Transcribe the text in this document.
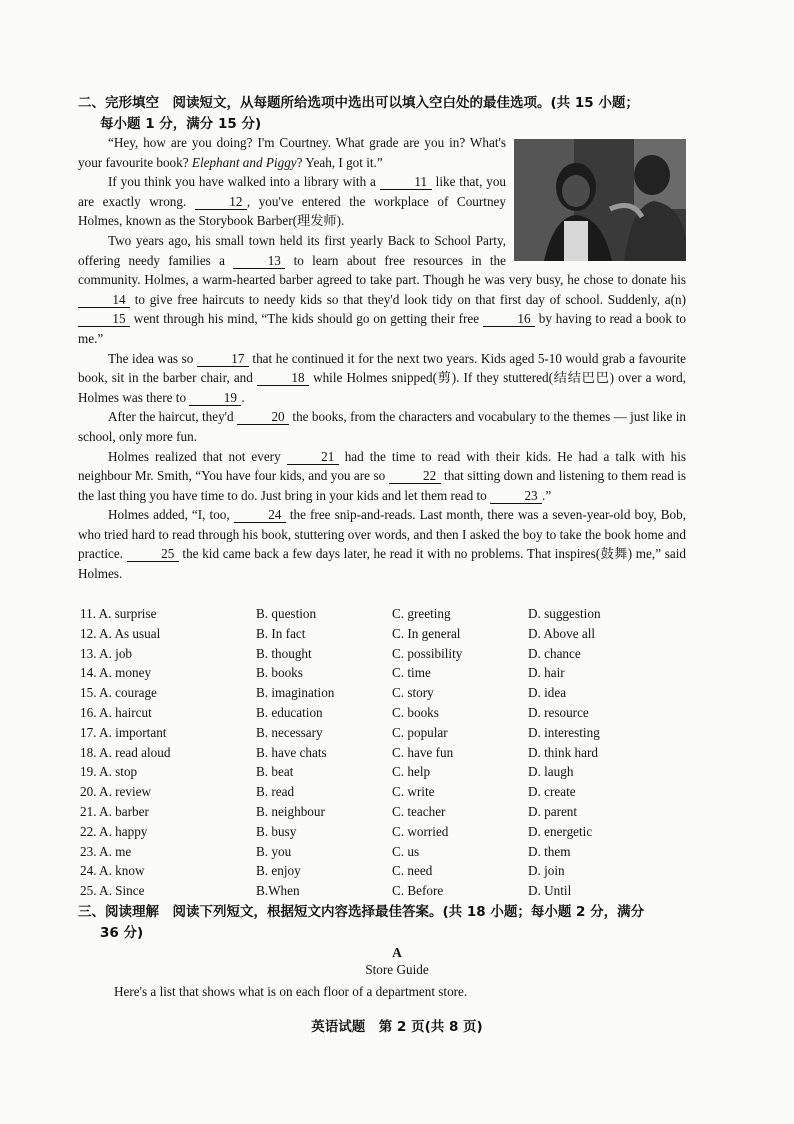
二、完形填空　阅读短文，从每题所给选项中选出可以填入空白处的最佳选项。(共 15 小题；
每小题 1 分，满分 15 分)

“Hey, how are you doing? I'm Courtney. What grade are you in? What's your favourite book? Elephant and Piggy? Yeah, I got it.”

If you think you have walked into a library with a	11 like that, you are exactly wrong.	12 , you've entered the workplace of Courtney Holmes, known as the Storybook Barber(理发师).

Two years ago, his small town held its first yearly Back to School Party, offering needy families a	13 to learn about free resources in the community. Holmes, a warm-hearted barber agreed to take part. Though he was very busy, he chose to donate his 14 to give free haircuts to needy kids so that they'd look tidy on that first day of school. Suddenly, a(n) 15 went through his mind, “The kids should go on getting their free	16 by having to read a book to me.”

The idea was so	17 that he continued it for the next two years. Kids aged 5-10 would grab a favourite book, sit in the barber chair, and	18 while Holmes snipped(剪). If they stuttered(结结巴巴) over a word, Holmes was there to	19 .

After the haircut, they'd	20 the books, from the characters and vocabulary to the themes — just like in school, only more fun.

Holmes realized that not every	21 had the time to read with their kids. He had a talk with his neighbour Mr. Smith, “You have four kids, and you are so	22 that sitting down and listening to them read is the last thing you have time to do. Just bring in your kids and let them read to	23 .”

Holmes added, “I, too,	24 the free snip-and-reads. Last month, there was a seven-year-old boy, Bob, who tried hard to read through his book, stuttering over words, and then I asked the boy to take the book home and practice.	25 the kid came back a few days later, he read it with no problems. That inspires(鼓舞) me,” said Holmes.

11. A. surprise	B. question	C. greeting	D. suggestion
12. A. As usual	B. In fact	C. In general	D. Above all
13. A. job	B. thought	C. possibility	D. chance
14. A. money	B. books	C. time	D. hair
15. A. courage	B. imagination	C. story	D. idea
16. A. haircut	B. education	C. books	D. resource
17. A. important	B. necessary	C. popular	D. interesting
18. A. read aloud	B. have chats	C. have fun	D. think hard
19. A. stop	B. beat	C. help	D. laugh
20. A. review	B. read	C. write	D. create
21. A. barber	B. neighbour	C. teacher	D. parent
22. A. happy	B. busy	C. worried	D. energetic
23. A. me	B. you	C. us	D. them
24. A. know	B. enjoy	C. need	D. join
25. A. Since	B.When	C. Before	D. Until
三、阅读理解　阅读下列短文，根据短文内容选择最佳答案。(共 18 小题；每小题 2 分，满分
36 分)
A
Store Guide
Here's a list that shows what is on each floor of a department store.
英语试题　第 2 页(共 8 页)
